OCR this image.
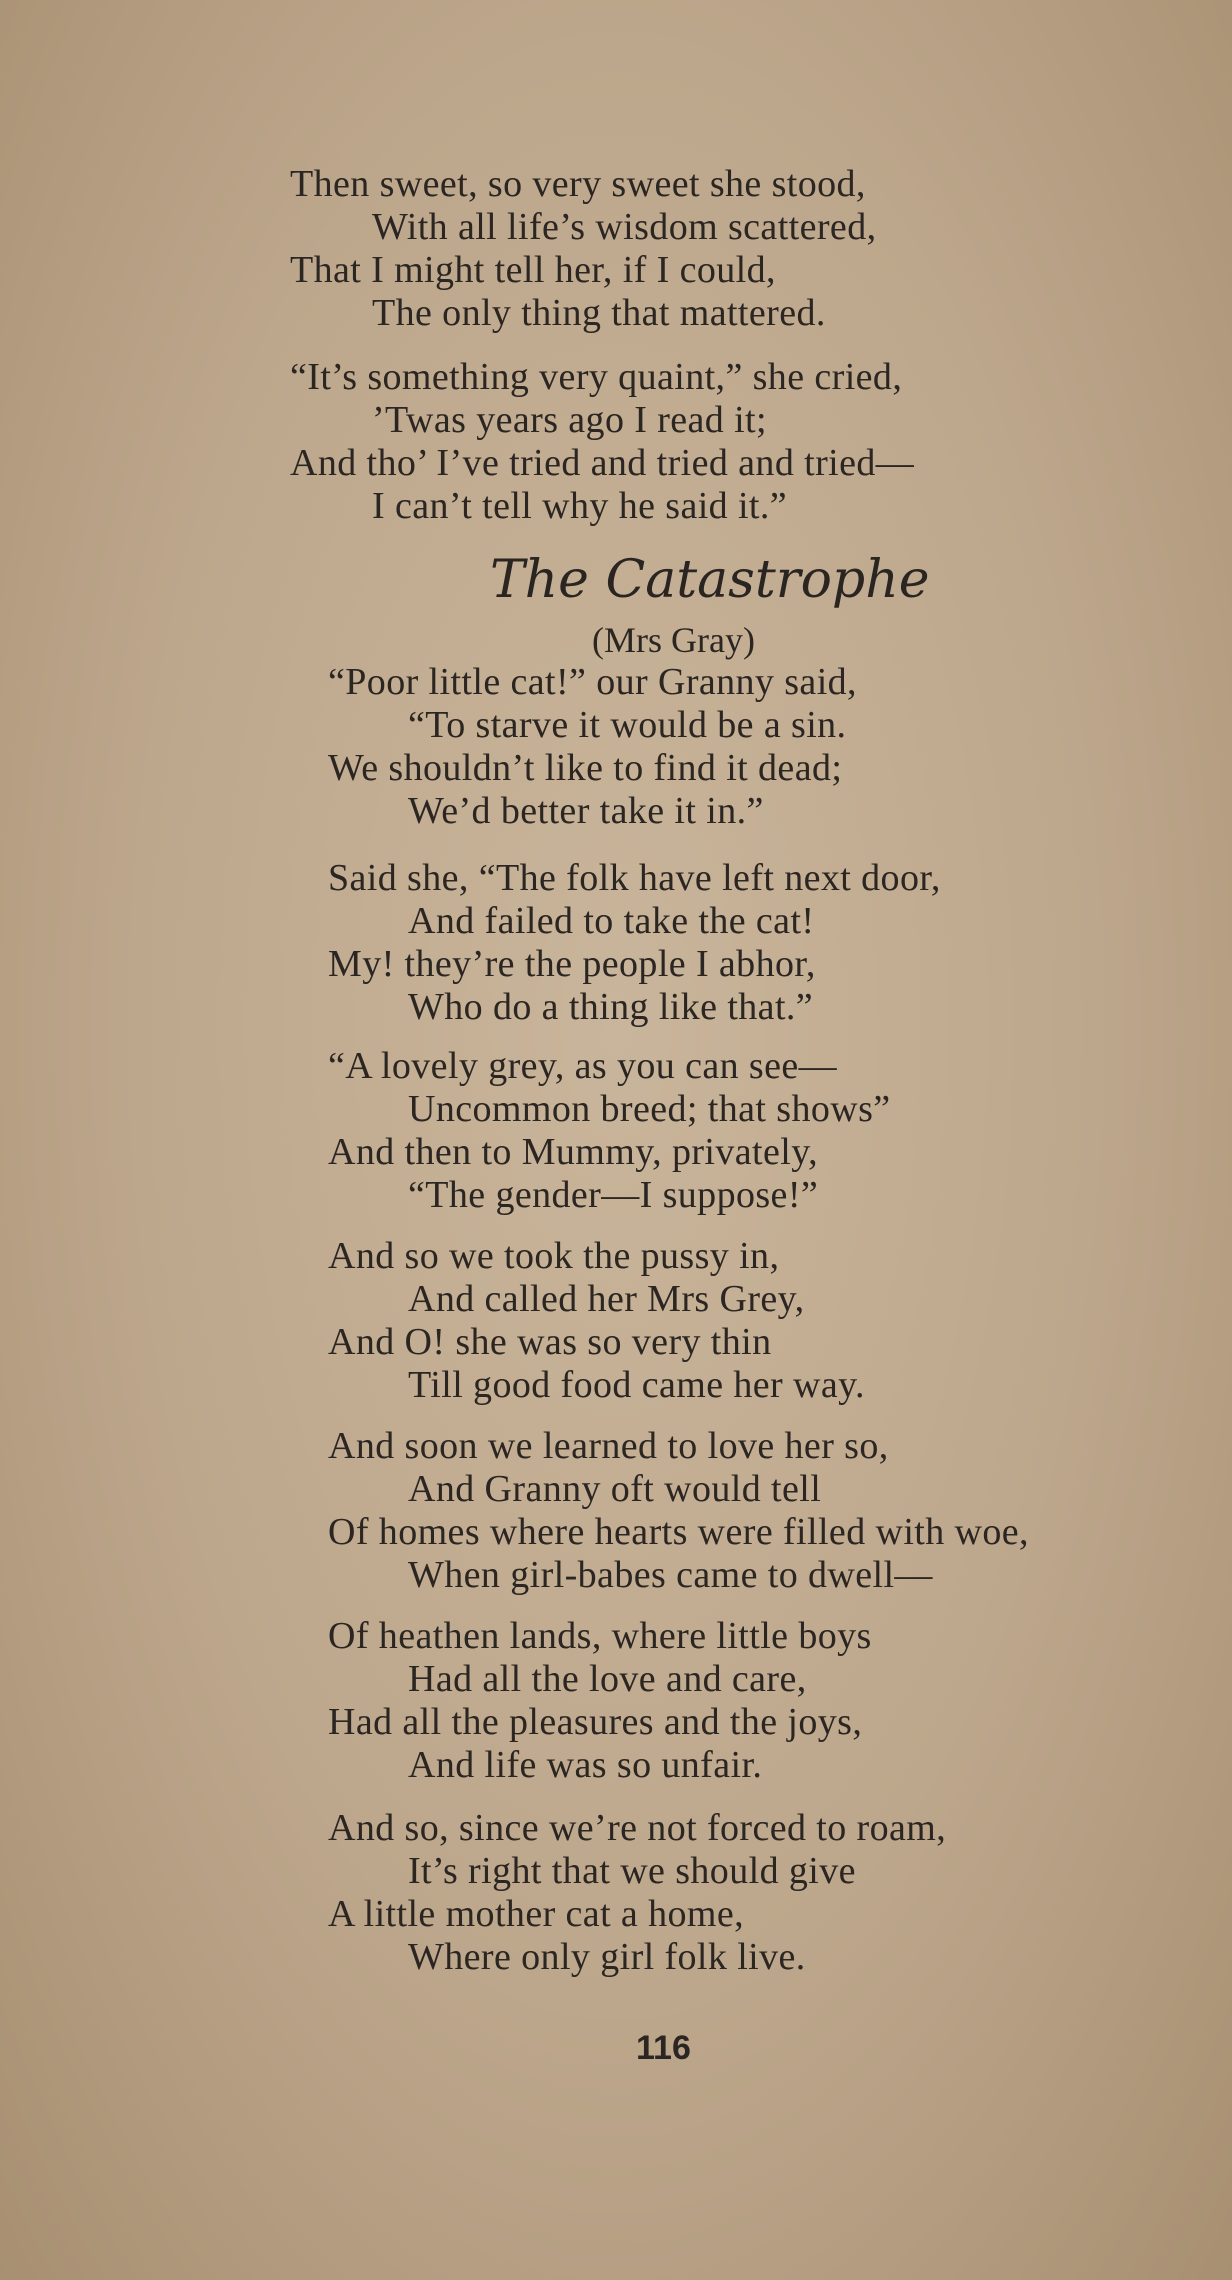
Then sweet, so very sweet she stood,
With all life’s wisdom scattered,
That I might tell her, if I could,
The only thing that mattered.
“It’s something very quaint,” she cried,
’Twas years ago I read it;
And tho’ I’ve tried and tried and tried—
I can’t tell why he said it.”
The Catastrophe
(Mrs Gray)
“Poor little cat!” our Granny said,
“To starve it would be a sin.
We shouldn’t like to find it dead;
We’d better take it in.”
Said she, “The folk have left next door,
And failed to take the cat!
My! they’re the people I abhor,
Who do a thing like that.”
“A lovely grey, as you can see—
Uncommon breed; that shows”
And then to Mummy, privately,
“The gender—I suppose!”
And so we took the pussy in,
And called her Mrs Grey,
And O! she was so very thin
Till good food came her way.
And soon we learned to love her so,
And Granny oft would tell
Of homes where hearts were filled with woe,
When girl-babes came to dwell—
Of heathen lands, where little boys
Had all the love and care,
Had all the pleasures and the joys,
And life was so unfair.
And so, since we’re not forced to roam,
It’s right that we should give
A little mother cat a home,
Where only girl folk live.
116
